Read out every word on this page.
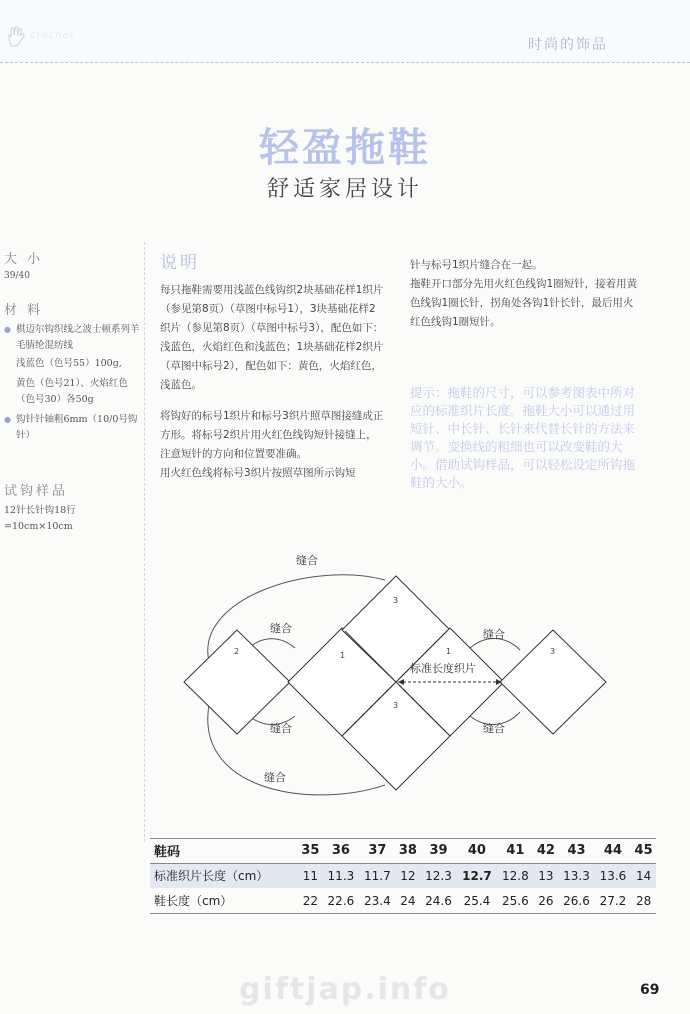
crochet
时尚的饰品
轻盈拖鞋
舒适家居设计
大 小
39/40
材 料
● 棋迈尔钩织线之波士顿系列羊毛腈纶混纺线
浅蓝色（色号55）100g,
黄色（色号21）、火焰红色（色号30）各50g
● 钩针针轴粗6mm（10/0号钩针）
试钩样品
12针长针钩18行
=10cm×10cm
说明

每只拖鞋需要用浅蓝色线钩织2块基础花样1织片（参见第8页）（草图中标号1），3块基础花样2织片（参见第8页）（草图中标号3），配色如下：浅蓝色，火焰红色和浅蓝色；1块基础花样2织片（草图中标号2），配色如下：黄色，火焰红色，浅蓝色。

将钩好的标号1织片和标号3织片照草图接缝成正方形。将标号2织片用火红色线钩短针接缝上，注意短针的方向和位置要准确。

用火红色线将标号3织片按照草图所示钩短

针与标号1织片缝合在一起。

拖鞋开口部分先用火红色线钩1圈短针，接着用黄色线钩1圈长针，拐角处各钩1针长针，最后用火红色线钩1圈短针。

提示：拖鞋的尺寸，可以参考图表中所对应的标准织片长度。拖鞋大小可以通过用短针、中长针、长针来代替长针的方法来调节。变换线的粗细也可以改变鞋的大小。借助试钩样品，可以轻松设定所钩拖鞋的大小。

1	1
2
3
3
3
缝合
缝合	缝合
缝合	缝合
缝合
标准长度织片
鞋码	35	36	37	38	39	40	41	42	43	44	45
标准织片长度（cm）	11	11.3	11.7	12	12.3	12.7	12.8	13	13.3	13.6	14
鞋长度（cm）	22	22.6	23.4	24	24.6	25.4	25.6	26	26.6	27.2	28
giftjap.info	69
